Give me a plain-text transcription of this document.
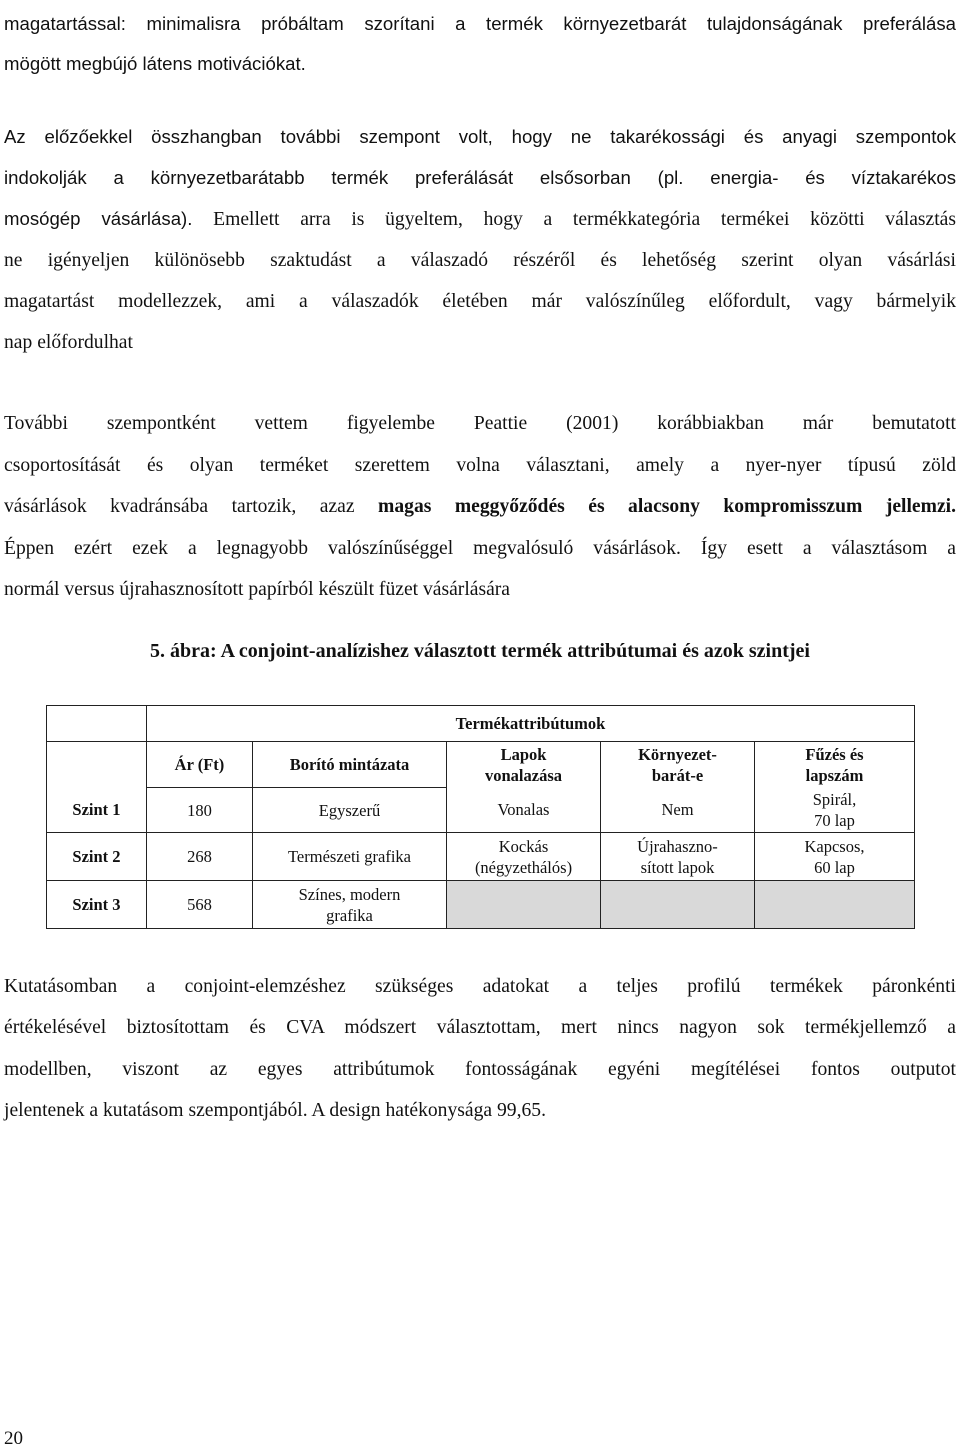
magatartással: minimalisra próbáltam szorítani a termék környezetbarát tulajdonságának preferálása
mögött megbújó látens motivációkat.

Az előzőekkel összhangban további szempont volt, hogy ne takarékossági és anyagi szempontok
indokolják a környezetbarátabb termék preferálását elsősorban (pl. energia- és víztakarékos
mosógép vásárlása). Emellett arra is ügyeltem, hogy a termékkategória termékei közötti választás
ne igényeljen különösebb szaktudást a válaszadó részéről és lehetőség szerint olyan vásárlási
magatartást modellezzek, ami a válaszadók életében már valószínűleg előfordult, vagy bármelyik
nap előfordulhat

További szempontként vettem figyelembe Peattie (2001) korábbiakban már bemutatott
csoportosítását és olyan terméket szerettem volna választani, amely a nyer-nyer típusú zöld
vásárlások kvadránsába tartozik, azaz magas meggyőződés és alacsony kompromisszum jellemzi.
Éppen ezért ezek a legnagyobb valószínűséggel megvalósuló vásárlások. Így esett a választásom a
normál versus újrahasznosított papírból készült füzet vásárlására

5. ábra: A conjoint-analízishez választott termék attribútumai és azok szintjei
	Termékattribútumok				
	Ár (Ft)	Borító mintázata	Lapok
vonalazása	Környezet-
barát-e	Fűzés és
lapszám

Szint 1	180	Egyszerű	Vonalas	Nem	Spirál,
70 lap

Szint 2	268	Természeti grafika	Kockás
(négyzethálós)	Újrahaszno-
sított lapok	Kapcsos,
60 lap

Szint 3	568	Színes, modern
grafika			

Kutatásomban a conjoint-elemzéshez szükséges adatokat a teljes profilú termékek páronkénti
értékelésével biztosítottam és CVA módszert választottam, mert nincs nagyon sok termékjellemző a
modellben, viszont az egyes attribútumok fontosságának egyéni megítélései fontos outputot
jelentenek a kutatásom szempontjából. A design hatékonysága 99,65.

20
